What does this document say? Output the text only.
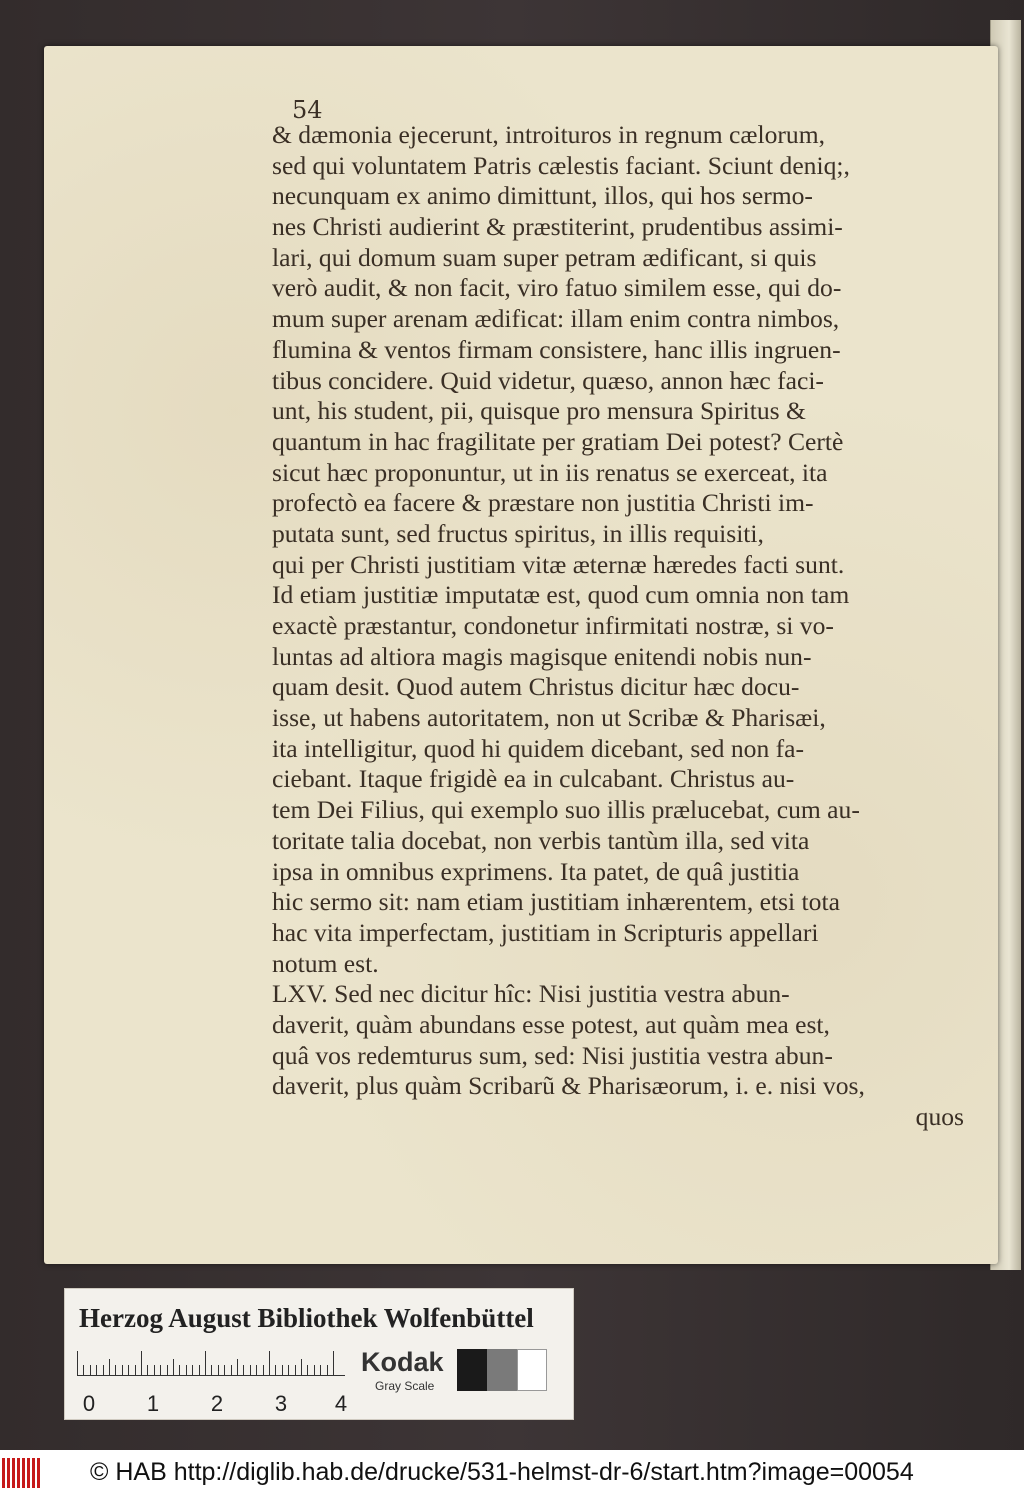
54
& dæmonia ejecerunt, introituros in regnum cælorum,
sed qui voluntatem Patris cælestis faciant. Sciunt deniq;,
necunquam ex animo dimittunt, illos, qui hos sermo-
nes Christi audierint & præstiterint, prudentibus assimi-
lari, qui domum suam super petram ædificant, si quis
verò audit, & non facit, viro fatuo similem esse, qui do-
mum super arenam ædificat: illam enim contra nimbos,
flumina & ventos firmam consistere, hanc illis ingruen-
tibus concidere. Quid videtur, quæso, annon hæc faci-
unt, his student, pii, quisque pro mensura Spiritus &
quantum in hac fragilitate per gratiam Dei potest? Certè
sicut hæc proponuntur, ut in iis renatus se exerceat, ita
profectò ea facere & præstare non justitia Christi im-
putata sunt, sed fructus spiritus, in illis requisiti,
qui per Christi justitiam vitæ æternæ hæredes facti sunt.
Id etiam justitiæ imputatæ est, quod cum omnia non tam
exactè præstantur, condonetur infirmitati nostræ, si vo-
luntas ad altiora magis magisque enitendi nobis nun-
quam desit. Quod autem Christus dicitur hæc docu-
isse, ut habens autoritatem, non ut Scribæ & Pharisæi,
ita intelligitur, quod hi quidem dicebant, sed non fa-
ciebant. Itaque frigidè ea in culcabant. Christus au-
tem Dei Filius, qui exemplo suo illis prælucebat, cum au-
toritate talia docebat, non verbis tantùm illa, sed vita
ipsa in omnibus exprimens. Ita patet, de quâ justitia
hic sermo sit: nam etiam justitiam inhærentem, etsi tota
hac vita imperfectam, justitiam in Scripturis appellari
notum est.
LXV. Sed nec dicitur hîc: Nisi justitia vestra abun-
daverit, quàm abundans esse potest, aut quàm mea est,
quâ vos redemturus sum, sed: Nisi justitia vestra abun-
daverit, plus quàm Scribarũ & Pharisæorum, i. e. nisi vos,
quos
Herzog August Bibliothek Wolfenbüttel
0 1 2 3 4
Kodak
Gray Scale
© HAB http://diglib.hab.de/drucke/531-helmst-dr-6/start.htm?image=00054
